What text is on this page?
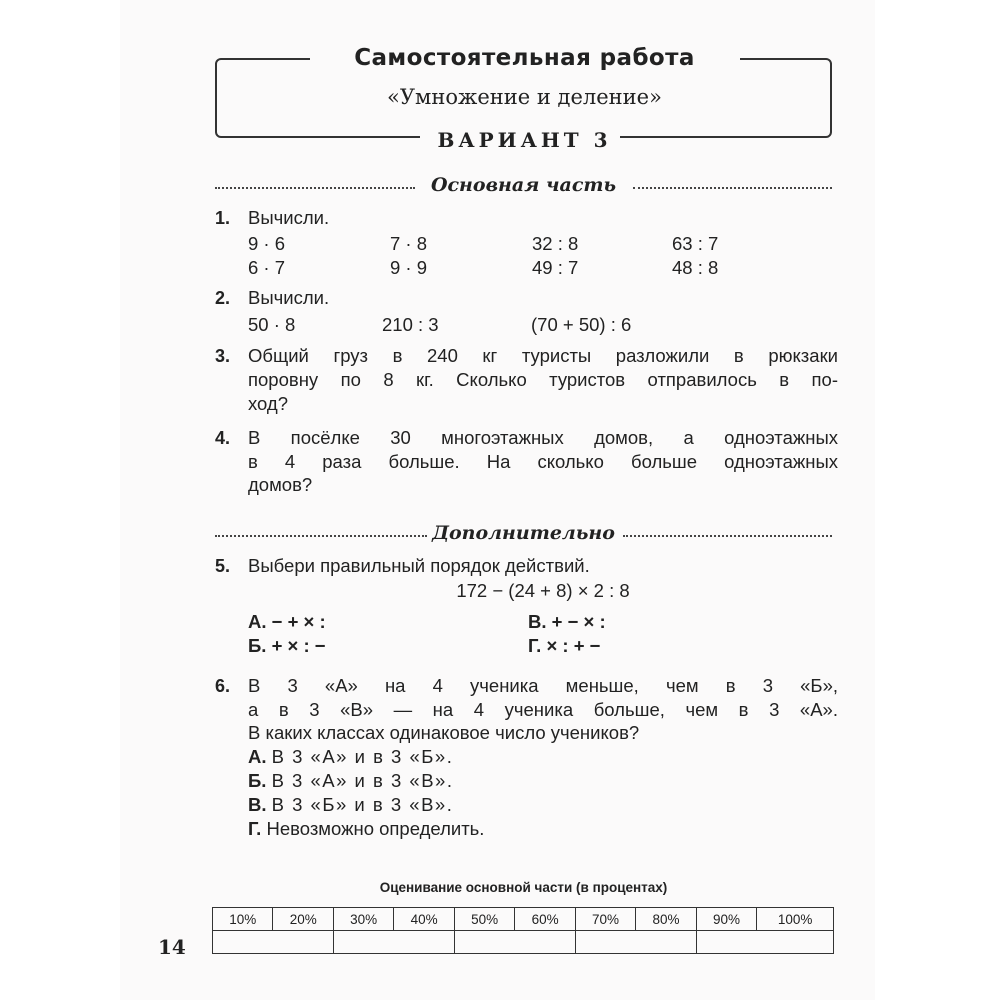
Самостоятельная работа
«Умножение и деление»
ВАРИАНТ 3
Основная часть
1. Вычисли.
9 · 6	7 · 8	32 : 8	63 : 7
6 · 7	9 · 9	49 : 7	48 : 8
2. Вычисли.
50 · 8	210 : 3	(70 + 50) : 6
3. Общий груз в 240 кг туристы разложили в рюкзаки
поровну по 8 кг. Сколько туристов отправилось в по-
ход?
4. В посёлке 30 многоэтажных домов, а одноэтажных
в 4 раза больше. На сколько больше одноэтажных
домов?
Дополнительно
5. Выбери правильный порядок действий.
172 − (24 + 8) × 2 : 8
А. − + × :	В. + − × :
Б. + × : −	Г. × : + −
6. В 3 «А» на 4 ученика меньше, чем в 3 «Б»,
а в 3 «В» — на 4 ученика больше, чем в 3 «А».
В каких классах одинаковое число учеников?
А. В 3 «А» и в 3 «Б».
Б. В 3 «А» и в 3 «В».
В. В 3 «Б» и в 3 «В».
Г. Невозможно определить.
Оценивание основной части (в процентах)
10%	20%	30%	40%	50%	60%	70%	80%	90%	100%

14
